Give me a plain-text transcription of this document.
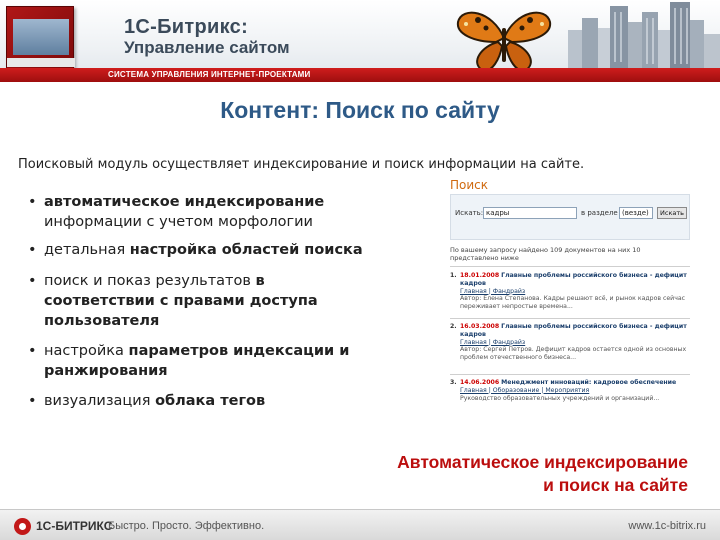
1С-Битрикс:
Управление сайтом
СИСТЕМА УПРАВЛЕНИЯ ИНТЕРНЕТ-ПРОЕКТАМИ
Контент: Поиск по сайту
Поисковый модуль осуществляет индексирование и поиск информации на сайте.
• автоматическое индексирование
информации с учетом морфологии
• детальная настройка областей поиска
• поиск и показ результатов в
соответствии с правами доступа
пользователя
• настройка параметров индексации и
ранжирования
• визуализация облака тегов
Поиск
Искать: кадры	в разделе (везде)	Искать
По вашему запросу найдено 109 документов на них 10 представлено ниже
1. 18.01.2008 Главные проблемы российского бизнеса - дефицит кадров
Главная | Фандрайз
Автор: Елена Степанова. Кадры решают всё, и рынок кадров сейчас переживает непростые времена...
2. 16.03.2008 Главные проблемы российского бизнеса - дефицит кадров
Главная | Фандрайз
Автор: Сергей Петров. Дефицит кадров остается одной из основных проблем отечественного бизнеса...
3. 14.06.2006 Менеджмент инноваций: кадровое обеспечение
Главная | Оборазование | Мероприятия
Руководство образовательных учреждений и организаций...
Автоматическое индексирование
и поиск на сайте
1С-БИТРИКС
Быстро. Просто. Эффективно.	www.1c-bitrix.ru
